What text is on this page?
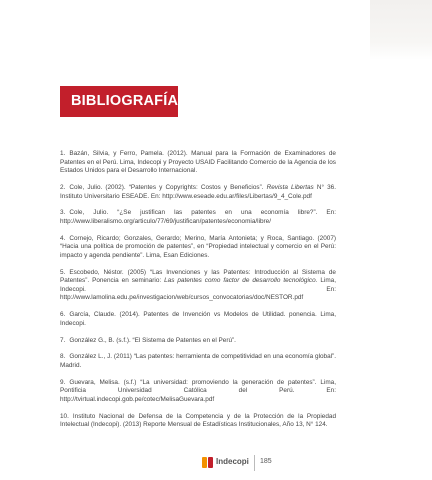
BIBLIOGRAFÍA
1. Bazán, Silvia, y Ferro, Pamela. (2012). Manual para la Formación de Examinadores de Patentes en el Perú. Lima, Indecopi y Proyecto USAID Facilitando Comercio de la Agencia de los Estados Unidos para el Desarrollo Internacional.
2. Cole, Julio. (2002). “Patentes y Copyrights: Costos y Beneficios”. Revista Libertas N° 36. Instituto Universitario ESEADE. En: http://www.eseade.edu.ar/files/Libertas/9_4_Cole.pdf
3. Cole, Julio. “¿Se justifican las patentes en una economía libre?”. En: http://www.liberalismo.org/articulo/77/69/justifican/patentes/economia/libre/
4. Cornejo, Ricardo; Gonzales, Gerardo; Merino, María Antonieta; y Roca, Santiago. (2007) “Hacia una política de promoción de patentes”, en “Propiedad intelectual y comercio en el Perú: impacto y agenda pendiente”. Lima, Esan Ediciones.
5. Escobedo, Néstor. (2005) “Las Invenciones y las Patentes: Introducción al Sistema de Patentes”. Ponencia en seminario: Las patentes como factor de desarrollo tecnológico. Lima, Indecopi. En: http://www.lamolina.edu.pe/investigacion/web/cursos_convocatorias/doc/NESTOR.pdf
6. García, Claude. (2014). Patentes de Invención vs Modelos de Utilidad. ponencia. Lima, Indecopi.
7. González G., B. (s.f.). “El Sistema de Patentes en el Perú”.
8. González L., J. (2011) “Las patentes: herramienta de competitividad en una economía global”. Madrid.
9. Guevara, Melisa. (s.f.) “La universidad: promoviendo la generación de patentes”. Lima, Pontificia Universidad Católica del Perú. En: http://tvirtual.indecopi.gob.pe/cotec/MelisaGuevara.pdf
10. Instituto Nacional de Defensa de la Competencia y de la Protección de la Propiedad Intelectual (Indecopi). (2013) Reporte Mensual de Estadísticas Institucionales, Año 13, N° 124.
Indecopi 185
